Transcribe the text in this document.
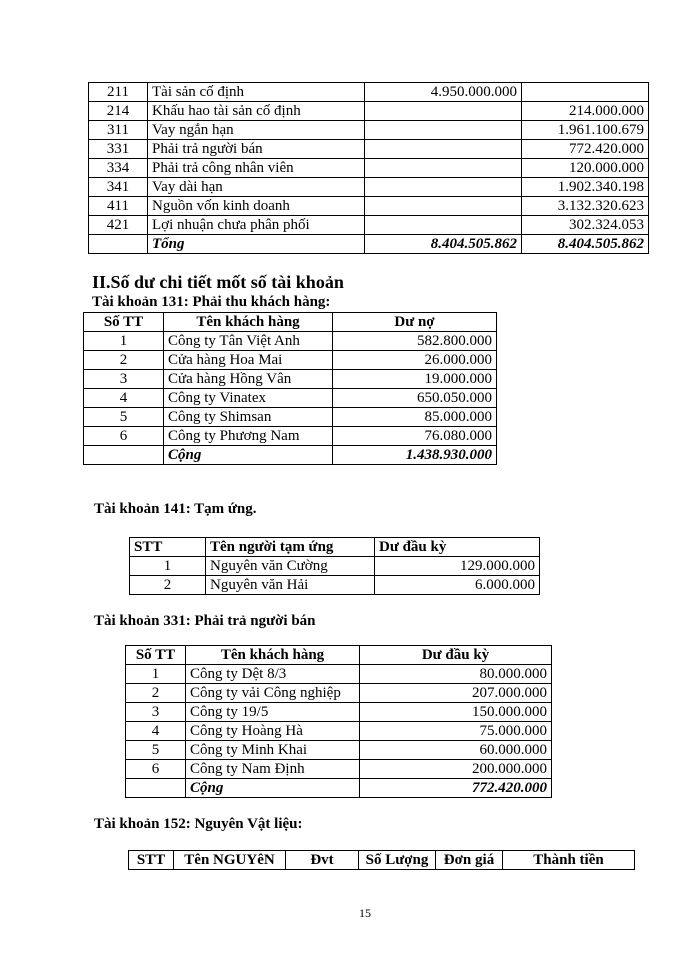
211	Tài sản cố định	4.950.000.000	
214	Khấu hao tài sản cố định		214.000.000
311	Vay ngắn hạn		1.961.100.679
331	Phải trả người bán		772.420.000
334	Phải trả công nhân viên		120.000.000
341	Vay dài hạn		1.902.340.198
411	Nguồn vốn kinh doanh		3.132.320.623
421	Lợi nhuận chưa phân phối		302.324.053
	Tổng	8.404.505.862	8.404.505.862
II.Số dư chi tiết mốt số tài khoản
Tài khoản 131: Phải thu khách hàng:
Số TT	Tên khách hàng	Dư nợ
1	Công ty Tân Việt Anh	582.800.000
2	Cửa hàng Hoa Mai	26.000.000
3	Cửa hàng Hồng Vân	19.000.000
4	Công ty Vinatex	650.050.000
5	Công ty Shimsan	85.000.000
6	Công ty Phương Nam	76.080.000
	Cộng	1.438.930.000
Tài khoản 141: Tạm ứng.
STT	Tên người tạm ứng	Dư đầu kỳ
1	Nguyên văn Cường	129.000.000
2	Nguyên văn Hải	6.000.000
Tài khoản 331: Phải trả người bán
Số TT	Tên khách hàng	Dư đầu kỳ
1	Công ty Dệt 8/3	80.000.000
2	Công ty vải Công nghiệp	207.000.000
3	Công ty 19/5	150.000.000
4	Công ty Hoàng Hà	75.000.000
5	Công ty Minh Khai	60.000.000
6	Công ty Nam Định	200.000.000
	Cộng	772.420.000
Tài khoản 152: Nguyên Vật liệu:
STT	Tên NGUYêN	Đvt	Số Lượng	Đơn giá	Thành tiền
15
